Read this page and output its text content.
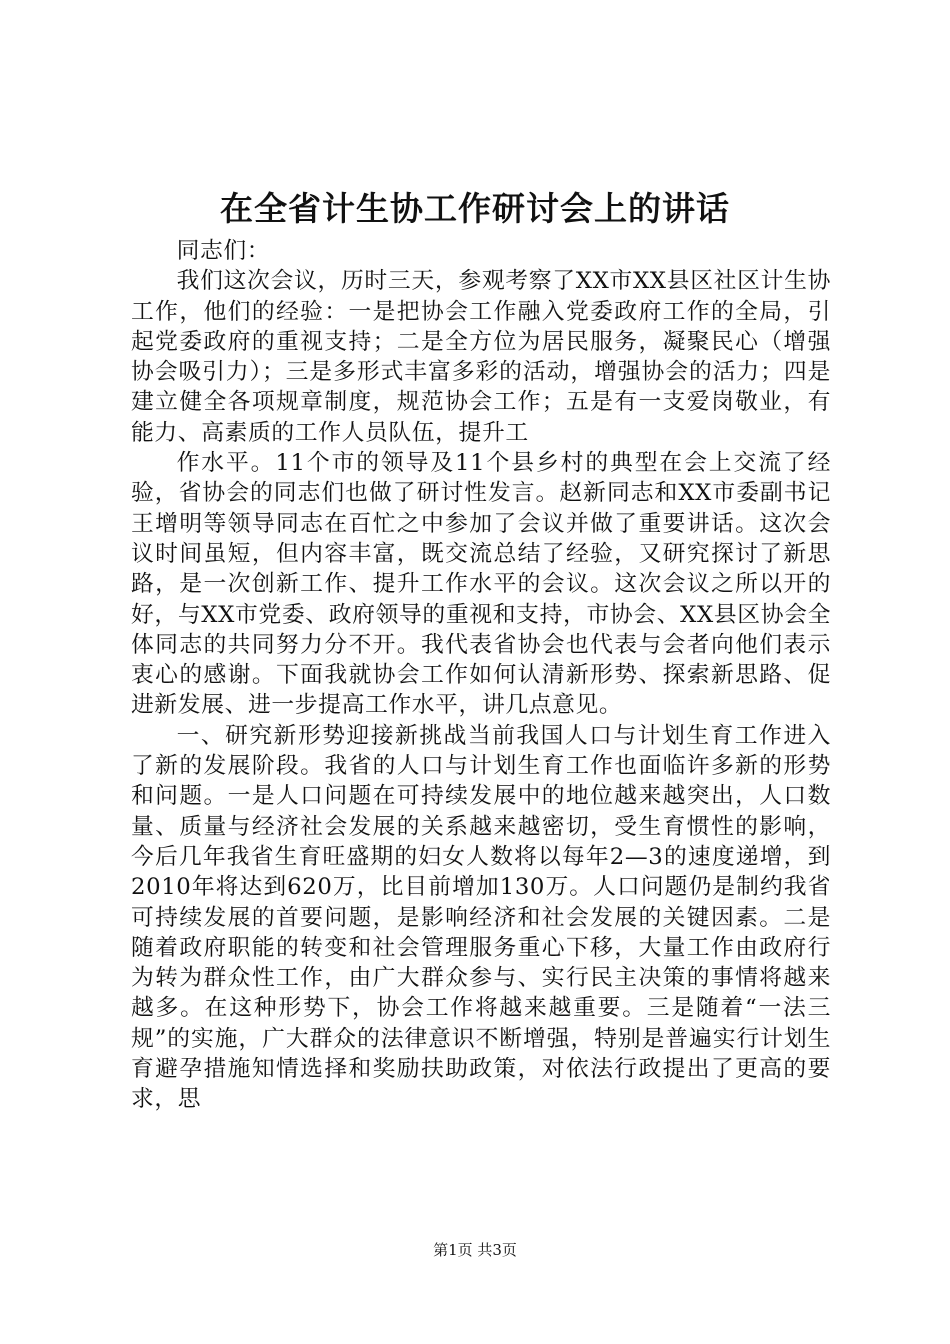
在全省计生协工作研讨会上的讲话

同志们：

我们这次会议，历时三天，参观考察了XX市XX县区社区计生协工作，他们的经验：一是把协会工作融入党委政府工作的全局，引起党委政府的重视支持；二是全方位为居民服务，凝聚民心（增强协会吸引力）；三是多形式丰富多彩的活动，增强协会的活力；四是建立健全各项规章制度，规范协会工作；五是有一支爱岗敬业，有能力、高素质的工作人员队伍，提升工

作水平。11个市的领导及11个县乡村的典型在会上交流了经验，省协会的同志们也做了研讨性发言。赵新同志和XX市委副书记王增明等领导同志在百忙之中参加了会议并做了重要讲话。这次会议时间虽短，但内容丰富，既交流总结了经验，又研究探讨了新思路，是一次创新工作、提升工作水平的会议。这次会议之所以开的好，与XX市党委、政府领导的重视和支持，市协会、XX县区协会全体同志的共同努力分不开。我代表省协会也代表与会者向他们表示衷心的感谢。下面我就协会工作如何认清新形势、探索新思路、促进新发展、进一步提高工作水平，讲几点意见。

一、研究新形势迎接新挑战当前我国人口与计划生育工作进入了新的发展阶段。我省的人口与计划生育工作也面临许多新的形势和问题。一是人口问题在可持续发展中的地位越来越突出，人口数量、质量与经济社会发展的关系越来越密切，受生育惯性的影响，今后几年我省生育旺盛期的妇女人数将以每年2—3的速度递增，到2010年将达到620万，比目前增加130万。人口问题仍是制约我省可持续发展的首要问题，是影响经济和社会发展的关键因素。二是随着政府职能的转变和社会管理服务重心下移，大量工作由政府行为转为群众性工作，由广大群众参与、实行民主决策的事情将越来越多。在这种形势下，协会工作将越来越重要。三是随着“一法三规”的实施，广大群众的法律意识不断增强，特别是普遍实行计划生育避孕措施知情选择和奖励扶助政策，对依法行政提出了更高的要求，思

第1页 共3页
